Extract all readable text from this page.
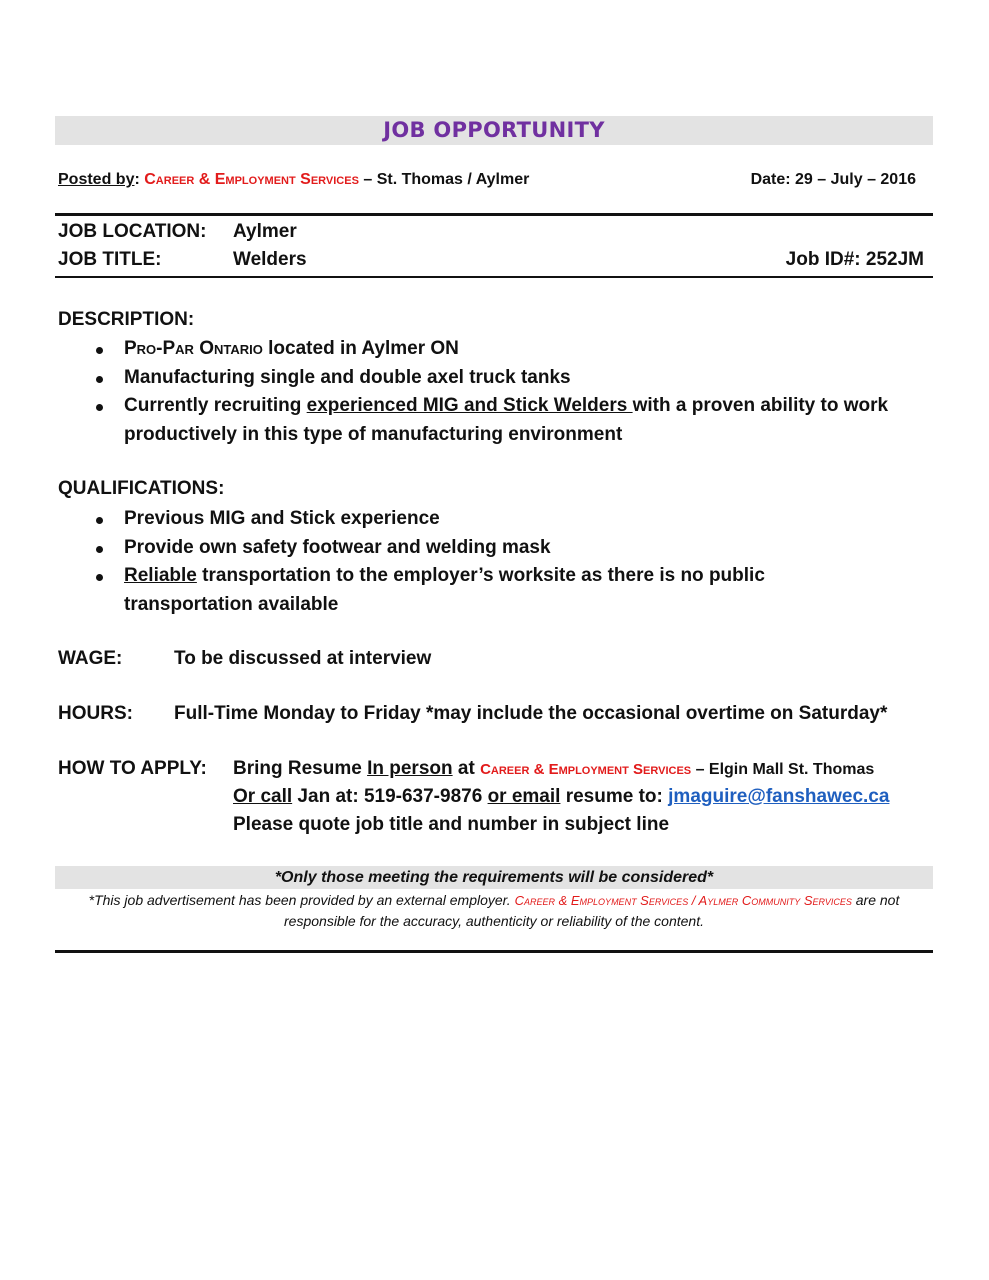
JOB OPPORTUNITY
Posted by: Career & Employment Services – St. Thomas / Aylmer	Date: 29 – July – 2016
JOB LOCATION: Aylmer
JOB TITLE:	Welders	Job ID#: 252JM
DESCRIPTION:
Pro-Par Ontario located in Aylmer ON
Manufacturing single and double axel truck tanks
Currently recruiting experienced MIG and Stick Welders with a proven ability to work productively in this type of manufacturing environment
QUALIFICATIONS:
Previous MIG and Stick experience
Provide own safety footwear and welding mask
Reliable transportation to the employer’s worksite as there is no public transportation available
WAGE:	To be discussed at interview
HOURS: Full-Time Monday to Friday *may include the occasional overtime on Saturday*
HOW TO APPLY: Bring Resume In person at Career & Employment Services – Elgin Mall St. Thomas
Or call Jan at: 519-637-9876 or email resume to: jmaguire@fanshawec.ca
Please quote job title and number in subject line
*Only those meeting the requirements will be considered*
*This job advertisement has been provided by an external employer. Career & Employment Services / Aylmer Community Services are not responsible for the accuracy, authenticity or reliability of the content.
